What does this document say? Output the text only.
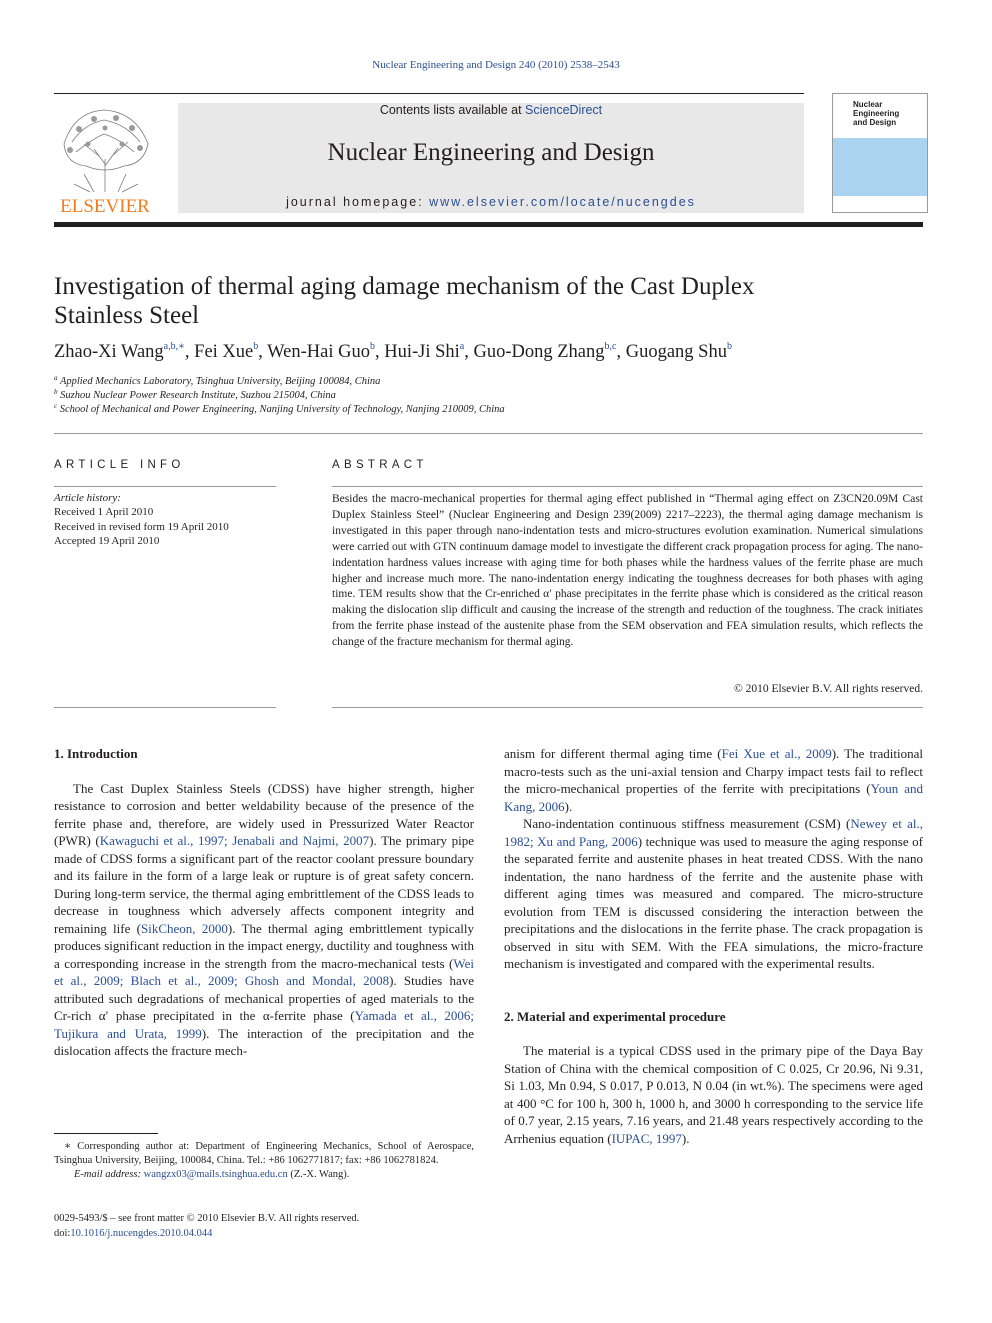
Nuclear Engineering and Design 240 (2010) 2538–2543
ELSEVIER
Contents lists available at ScienceDirect
Nuclear Engineering and Design
journal homepage: www.elsevier.com/locate/nucengdes
Nuclear Engineering
and Design
Investigation of thermal aging damage mechanism of the Cast Duplex
Stainless Steel
Zhao-Xi Wang$^{a,b,∗}$, Fei Xue$^b$, Wen-Hai Guo$^b$, Hui-Ji Shi$^a$, Guo-Dong Zhang$^{b,c}$, Guogang Shu$^b$
$^a$ Applied Mechanics Laboratory, Tsinghua University, Beijing 100084, China
$^b$ Suzhou Nuclear Power Research Institute, Suzhou 215004, China
$^c$ School of Mechanical and Power Engineering, Nanjing University of Technology, Nanjing 210009, China
ARTICLE INFO	ABSTRACT
Article history:
Received 1 April 2010
Received in revised form 19 April 2010
Accepted 19 April 2010
Besides the macro-mechanical properties for thermal aging effect published in “Thermal aging effect on Z3CN20.09M Cast Duplex Stainless Steel” (Nuclear Engineering and Design 239(2009) 2217–2223), the thermal aging damage mechanism is investigated in this paper through nano-indentation tests and micro-structures evolution examination. Numerical simulations were carried out with GTN continuum damage model to investigate the different crack propagation process for aging. The nano-indentation hardness values increase with aging time for both phases while the hardness values of the ferrite phase are much higher and increase much more. The nano-indentation energy indicating the toughness decreases for both phases with aging time. TEM results show that the Cr-enriched α′ phase precipitates in the ferrite phase which is considered as the critical reason making the dislocation slip difficult and causing the increase of the strength and reduction of the toughness. The crack initiates from the ferrite phase instead of the austenite phase from the SEM observation and FEA simulation results, which reflects the change of the fracture mechanism for thermal aging.
© 2010 Elsevier B.V. All rights reserved.

1. Introduction

The Cast Duplex Stainless Steels (CDSS) have higher strength, higher resistance to corrosion and better weldability because of the presence of the ferrite phase and, therefore, are widely used in Pressurized Water Reactor (PWR) (Kawaguchi et al., 1997; Jenabali and Najmi, 2007). The primary pipe made of CDSS forms a significant part of the reactor coolant pressure boundary and its failure in the form of a large leak or rupture is of great safety concern. During long-term service, the thermal aging embrittlement of the CDSS leads to decrease in toughness which adversely affects component integrity and remaining life (SikCheon, 2000). The thermal aging embrittlement typically produces significant reduction in the impact energy, ductility and toughness with a corresponding increase in the strength from the macro-mechanical tests (Wei et al., 2009; Blach et al., 2009; Ghosh and Mondal, 2008). Studies have attributed such degradations of mechanical properties of aged materials to the Cr-rich α′ phase precipitated in the α-ferrite phase (Yamada et al., 2006; Tujikura and Urata, 1999). The interaction of the precipitation and the dislocation affects the fracture mech-

anism for different thermal aging time (Fei Xue et al., 2009). The traditional macro-tests such as the uni-axial tension and Charpy impact tests fail to reflect the micro-mechanical properties of the ferrite with precipitations (Youn and Kang, 2006).

Nano-indentation continuous stiffness measurement (CSM) (Newey et al., 1982; Xu and Pang, 2006) technique was used to measure the aging response of the separated ferrite and austenite phases in heat treated CDSS. With the nano indentation, the nano hardness of the ferrite and the austenite phase with different aging times was measured and compared. The micro-structure evolution from TEM is discussed considering the interaction between the precipitations and the dislocations in the ferrite phase. The crack propagation is observed in situ with SEM. With the FEA simulations, the micro-fracture mechanism is investigated and compared with the experimental results.

2. Material and experimental procedure

The material is a typical CDSS used in the primary pipe of the Daya Bay Station of China with the chemical composition of C 0.025, Cr 20.96, Ni 9.31, Si 1.03, Mn 0.94, S 0.017, P 0.013, N 0.04 (in wt.%). The specimens were aged at 400 °C for 100 h, 300 h, 1000 h, and 3000 h corresponding to the service life of 0.7 year, 2.15 years, 7.16 years, and 21.48 years respectively according to the Arrhenius equation (IUPAC, 1997).

∗ Corresponding author at: Department of Engineering Mechanics, School of Aerospace, Tsinghua University, Beijing, 100084, China. Tel.: +86 1062771817; fax: +86 1062781824.
E-mail address: wangzx03@mails.tsinghua.edu.cn (Z.-X. Wang).
0029-5493/$ – see front matter © 2010 Elsevier B.V. All rights reserved.
doi:10.1016/j.nucengdes.2010.04.044
